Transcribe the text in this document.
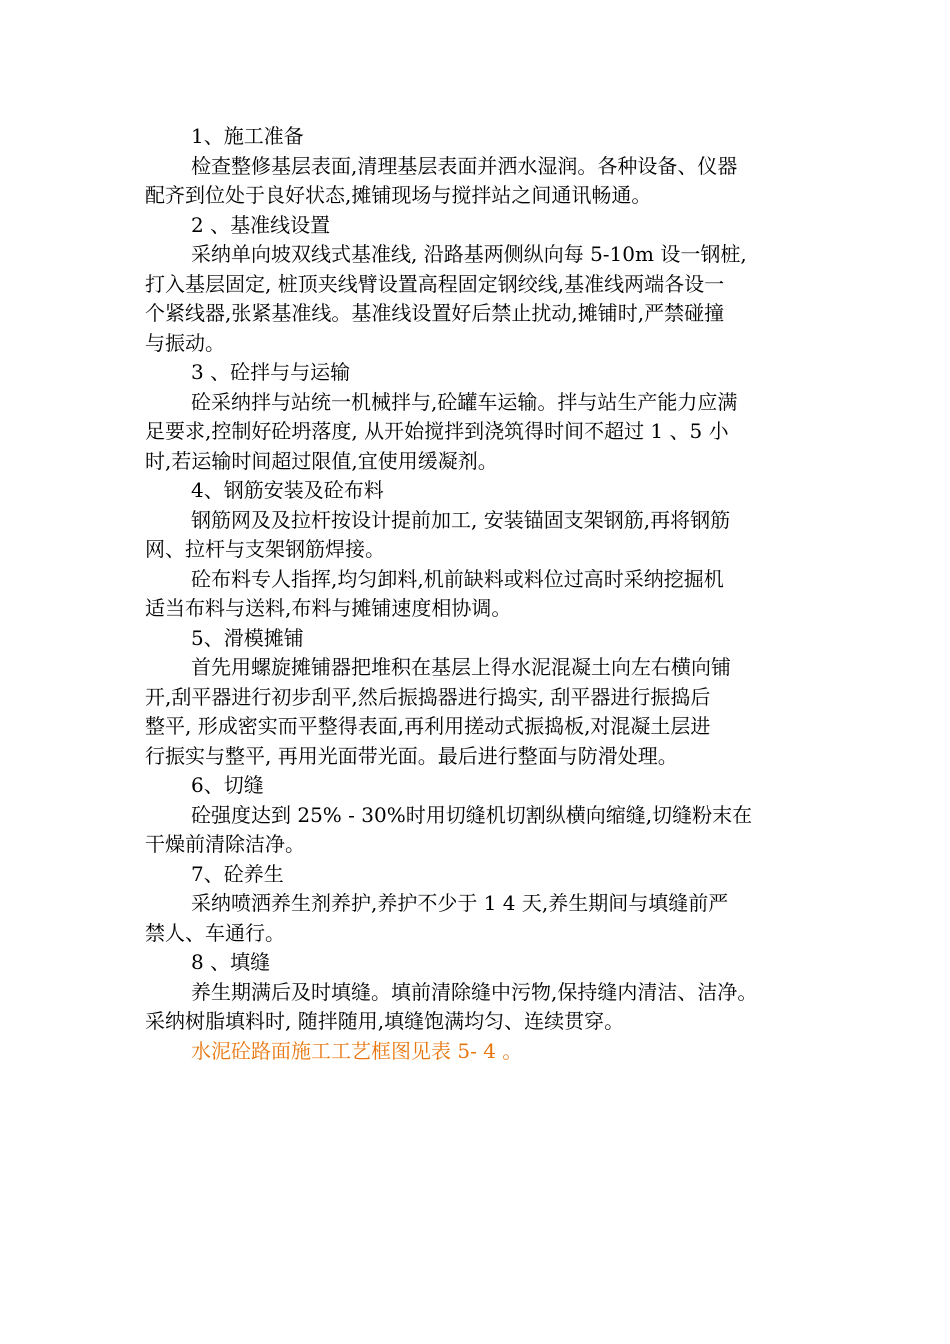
1、施工准备
检查整修基层表面,清理基层表面并洒水湿润。各种设备、仪器
配齐到位处于良好状态,摊铺现场与搅拌站之间通讯畅通。
2 、基准线设置
采纳单向坡双线式基准线, 沿路基两侧纵向每 5-10m 设一钢桩,
打入基层固定, 桩顶夹线臂设置高程固定钢绞线,基准线两端各设一
个紧线器,张紧基准线。基准线设置好后禁止扰动,摊铺时,严禁碰撞
与振动。
3 、砼拌与与运输
砼采纳拌与站统一机械拌与,砼罐车运输。拌与站生产能力应满
足要求,控制好砼坍落度, 从开始搅拌到浇筑得时间不超过 1 、5 小
时,若运输时间超过限值,宜使用缓凝剂。
4、钢筋安装及砼布料
钢筋网及及拉杆按设计提前加工, 安装锚固支架钢筋,再将钢筋
网、拉杆与支架钢筋焊接。
砼布料专人指挥,均匀卸料,机前缺料或料位过高时采纳挖掘机
适当布料与送料,布料与摊铺速度相协调。
5、滑模摊铺
首先用螺旋摊铺器把堆积在基层上得水泥混凝土向左右横向铺
开,刮平器进行初步刮平,然后振捣器进行捣实, 刮平器进行振捣后
整平, 形成密实而平整得表面,再利用搓动式振捣板,对混凝土层进
行振实与整平, 再用光面带光面。最后进行整面与防滑处理。
6、切缝
砼强度达到 25% - 30%时用切缝机切割纵横向缩缝,切缝粉末在
干燥前清除洁净。
7、砼养生
采纳喷洒养生剂养护,养护不少于 1 4 天,养生期间与填缝前严
禁人、车通行。
8 、填缝
养生期满后及时填缝。填前清除缝中污物,保持缝内清洁、洁净。
采纳树脂填料时, 随拌随用,填缝饱满均匀、连续贯穿。
水泥砼路面施工工艺框图见表 5- 4 。
